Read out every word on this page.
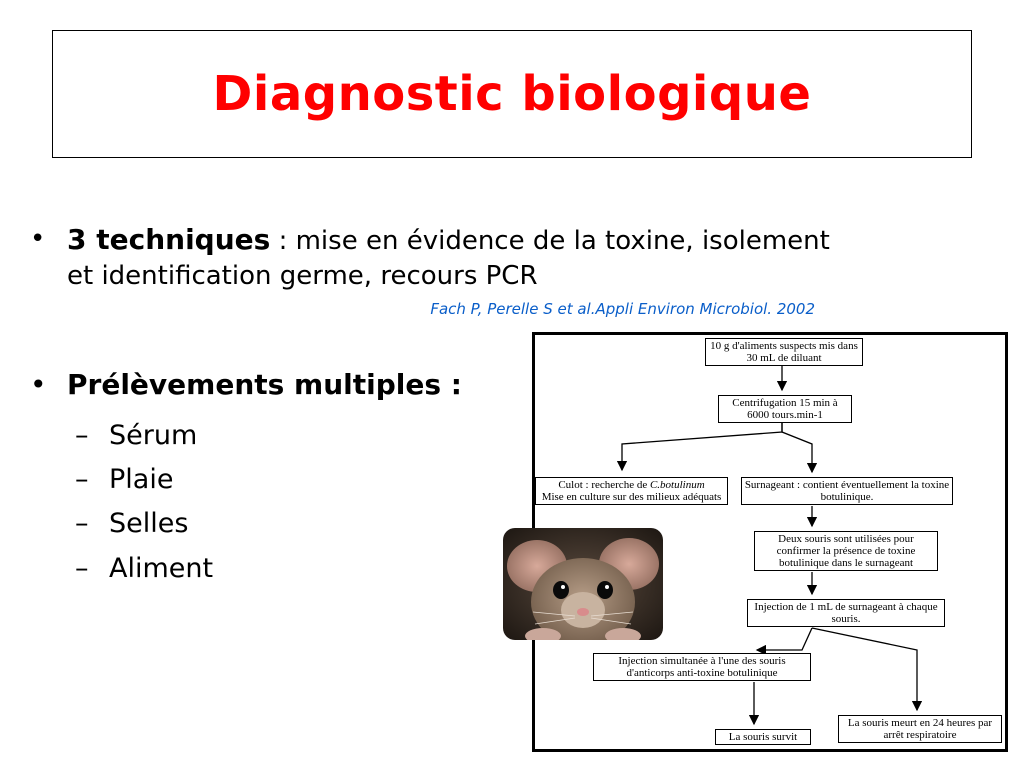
Diagnostic biologique
• 3 techniques : mise en évidence de la toxine, isolement et identification germe, recours PCR
Fach P, Perelle S et al.Appli Environ Microbiol. 2002
• Prélèvements multiples :
– Sérum
– Plaie
– Selles
– Aliment
10 g d'aliments suspects mis dans 30 mL de diluant
Centrifugation 15 min à 6000 tours.min-1
Culot : recherche de C.botulinum
Mise en culture sur des milieux adéquats
Surnageant : contient éventuellement la toxine botulinique.
Deux souris sont utilisées pour confirmer la présence de toxine botulinique dans le surnageant
Injection de 1 mL de surnageant à chaque souris.
Injection simultanée à l'une des souris d'anticorps anti-toxine botulinique
La souris survit
La souris meurt en 24 heures par arrêt respiratoire
